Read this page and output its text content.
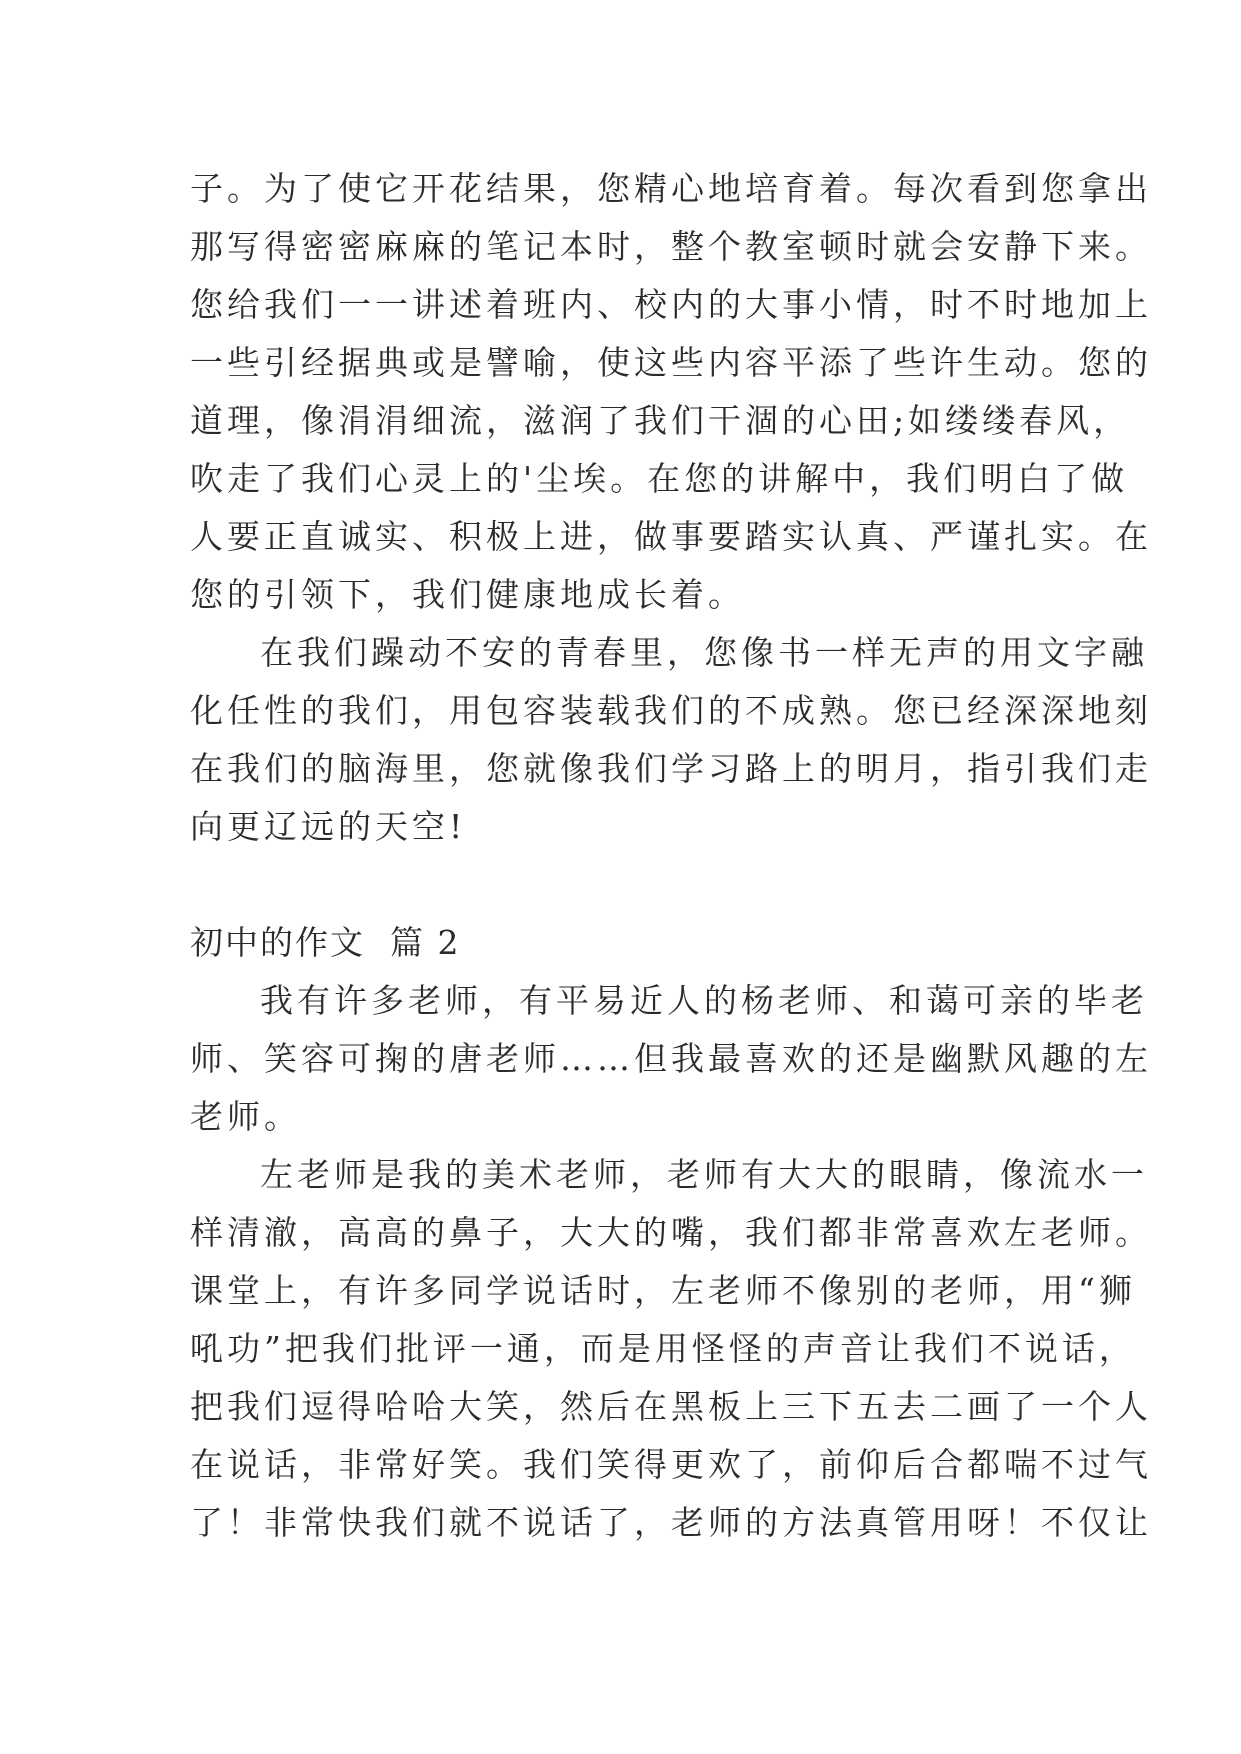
子。为了使它开花结果，您精心地培育着。每次看到您拿出
那写得密密麻麻的笔记本时，整个教室顿时就会安静下来。
您给我们一一讲述着班内、校内的大事小情，时不时地加上
一些引经据典或是譬喻，使这些内容平添了些许生动。您的
道理，像涓涓细流，滋润了我们干涸的心田;如缕缕春风，
吹走了我们心灵上的'尘埃。在您的讲解中，我们明白了做
人要正直诚实、积极上进，做事要踏实认真、严谨扎实。在
您的引领下，我们健康地成长着。
在我们躁动不安的青春里，您像书一样无声的用文字融
化任性的我们，用包容装载我们的不成熟。您已经深深地刻
在我们的脑海里，您就像我们学习路上的明月，指引我们走
向更辽远的天空!
初中的作文  篇 2
我有许多老师，有平易近人的杨老师、和蔼可亲的毕老
师、笑容可掬的唐老师……但我最喜欢的还是幽默风趣的左
老师。
左老师是我的美术老师，老师有大大的眼睛，像流水一
样清澈，高高的鼻子，大大的嘴，我们都非常喜欢左老师。
课堂上，有许多同学说话时，左老师不像别的老师，用“狮
吼功”把我们批评一通，而是用怪怪的声音让我们不说话，
把我们逗得哈哈大笑，然后在黑板上三下五去二画了一个人
在说话，非常好笑。我们笑得更欢了，前仰后合都喘不过气
了！非常快我们就不说话了，老师的方法真管用呀！不仅让
